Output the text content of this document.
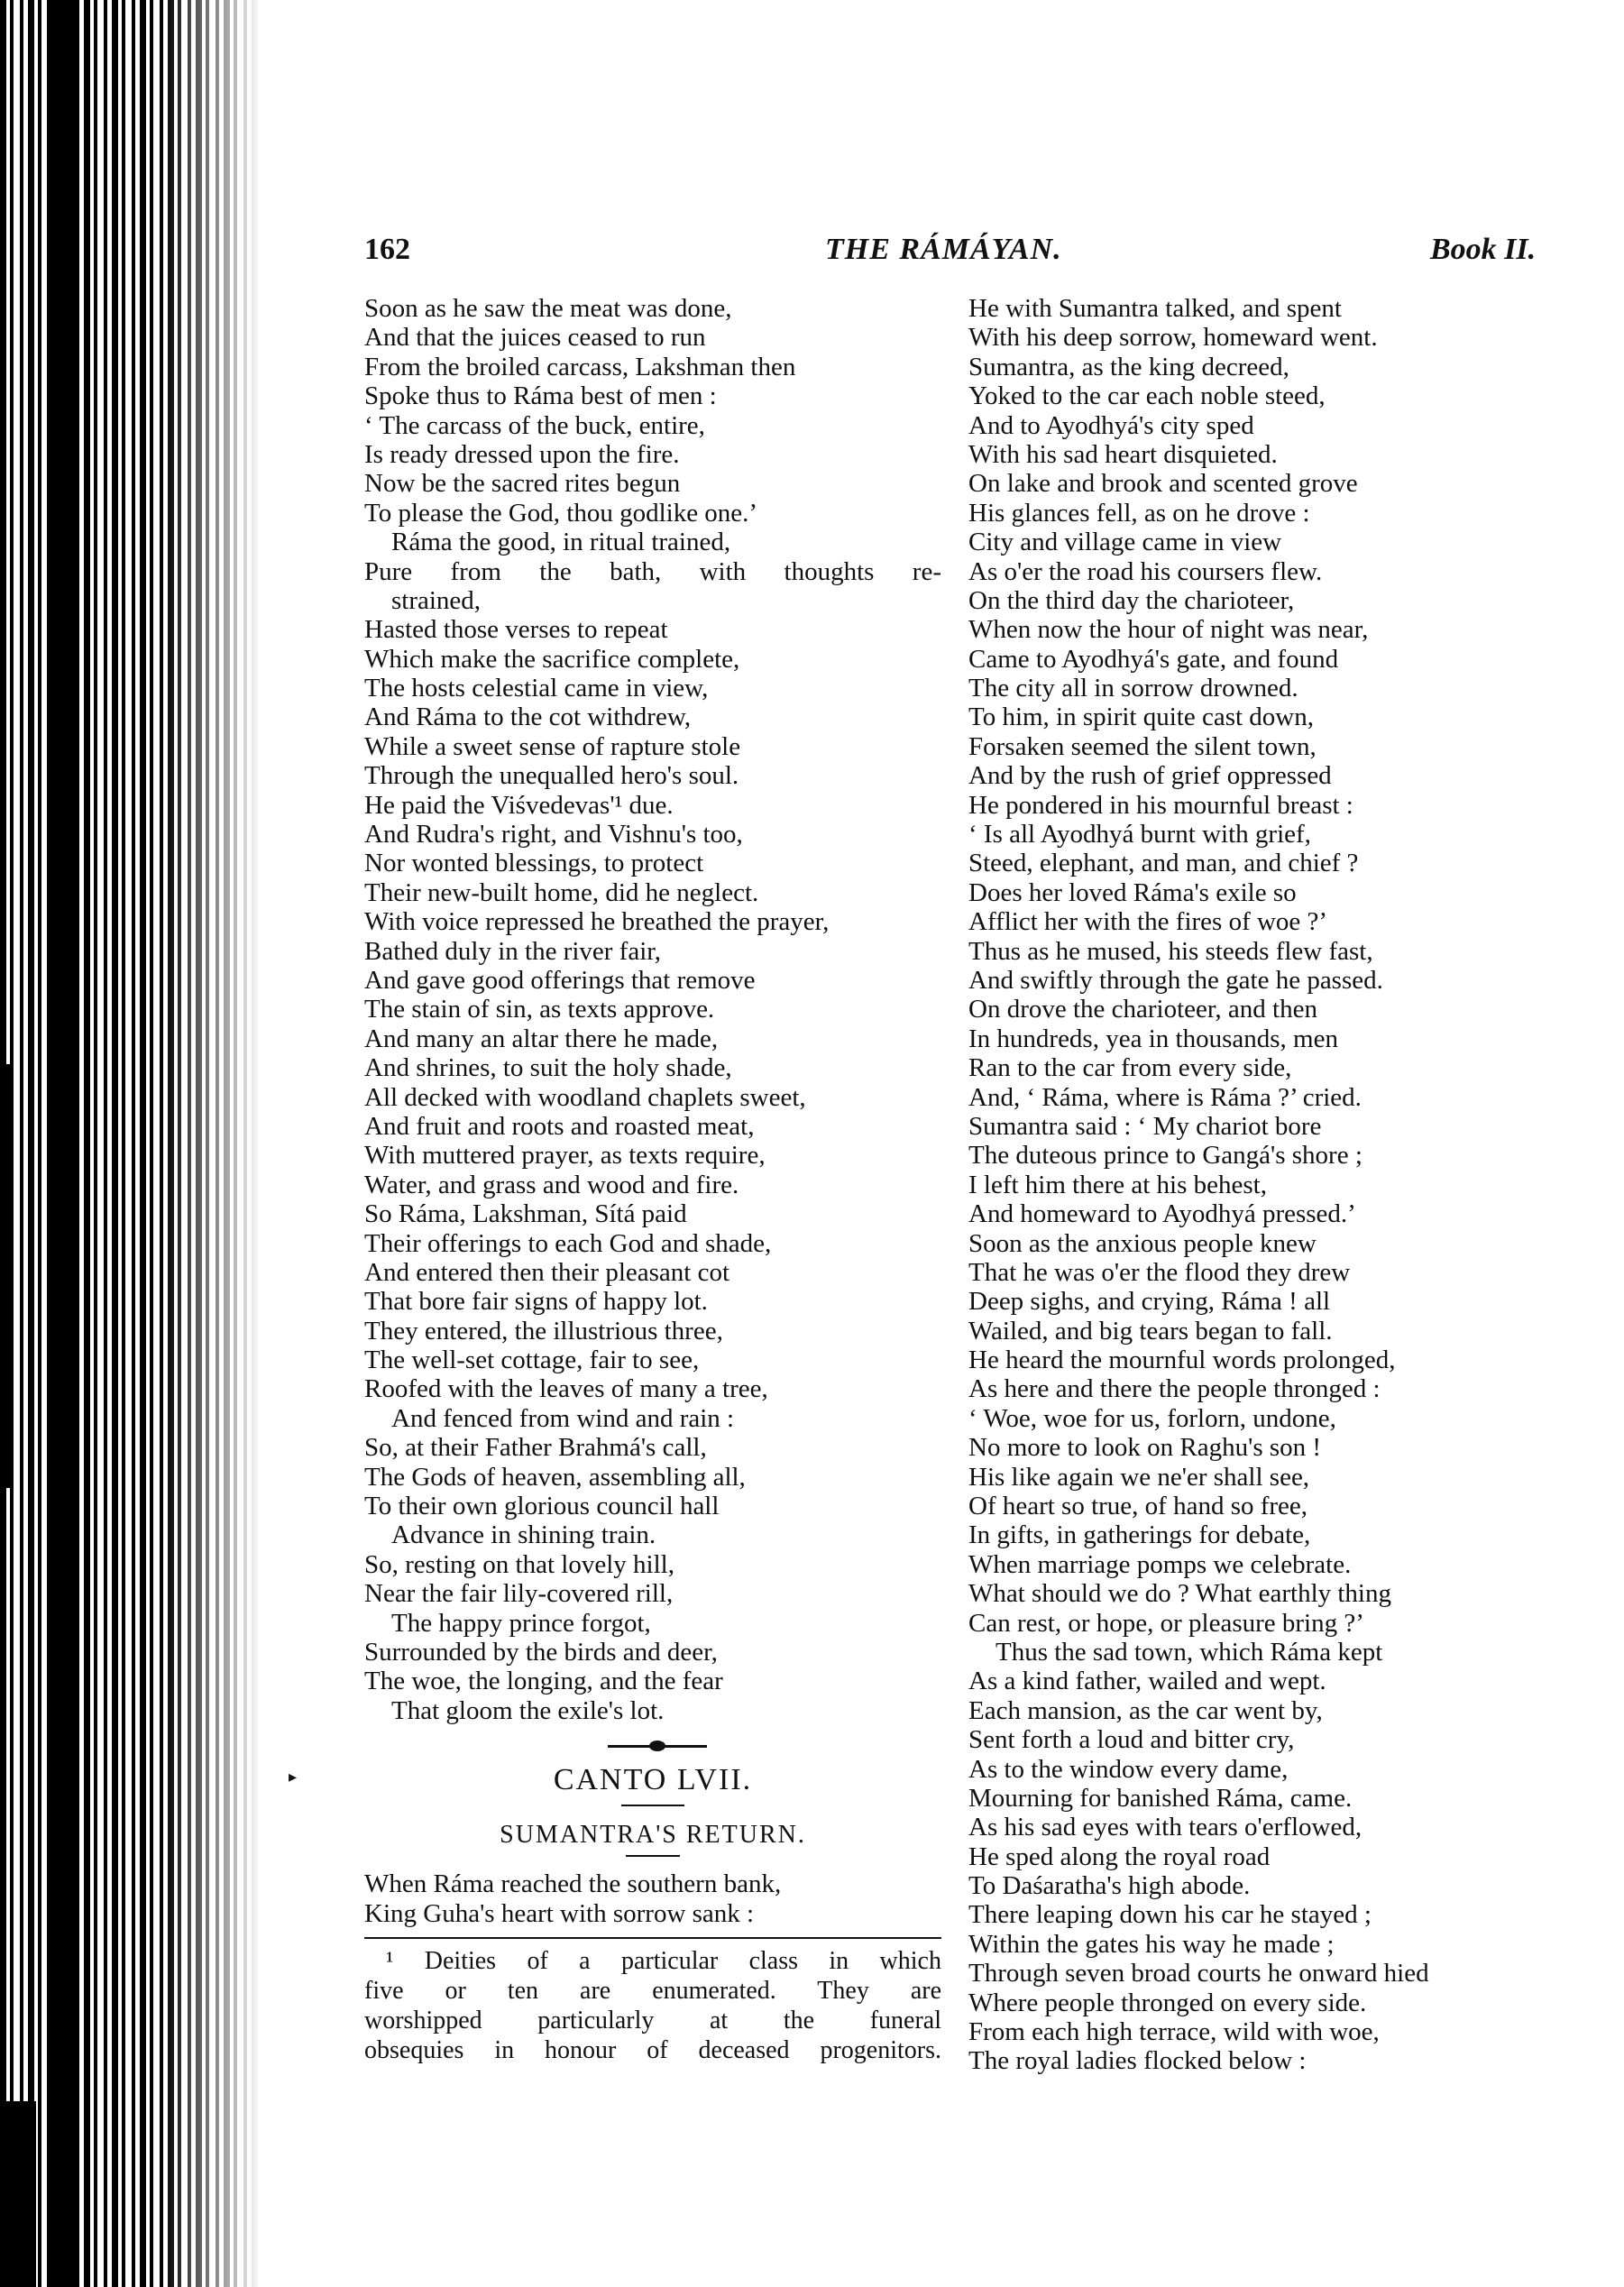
162	THE RÁMÁYAN.	Book II.
Soon as he saw the meat was done,
And that the juices ceased to run
From the broiled carcass, Lakshman then
Spoke thus to Ráma best of men :
‘ The carcass of the buck, entire,
Is ready dressed upon the fire.
Now be the sacred rites begun
To please the God, thou godlike one.’
Ráma the good, in ritual trained,
Pure from the bath, with thoughts re-
strained,
Hasted those verses to repeat
Which make the sacrifice complete,
The hosts celestial came in view,
And Ráma to the cot withdrew,
While a sweet sense of rapture stole
Through the unequalled hero's soul.
He paid the Viśvedevas'¹ due.
And Rudra's right, and Vishnu's too,
Nor wonted blessings, to protect
Their new-built home, did he neglect.
With voice repressed he breathed the prayer,
Bathed duly in the river fair,
And gave good offerings that remove
The stain of sin, as texts approve.
And many an altar there he made,
And shrines, to suit the holy shade,
All decked with woodland chaplets sweet,
And fruit and roots and roasted meat,
With muttered prayer, as texts require,
Water, and grass and wood and fire.
So Ráma, Lakshman, Sítá paid
Their offerings to each God and shade,
And entered then their pleasant cot
That bore fair signs of happy lot.
They entered, the illustrious three,
The well-set cottage, fair to see,
Roofed with the leaves of many a tree,
And fenced from wind and rain :
So, at their Father Brahmá's call,
The Gods of heaven, assembling all,
To their own glorious council hall
Advance in shining train.
So, resting on that lovely hill,
Near the fair lily-covered rill,
The happy prince forgot,
Surrounded by the birds and deer,
The woe, the longing, and the fear
That gloom the exile's lot.
CANTO LVII.
SUMANTRA'S RETURN.
When Ráma reached the southern bank,
King Guha's heart with sorrow sank :
¹ Deities of a particular class in which
five or ten are enumerated. They are
worshipped particularly at the funeral
obsequies in honour of deceased progenitors.
He with Sumantra talked, and spent
With his deep sorrow, homeward went.
Sumantra, as the king decreed,
Yoked to the car each noble steed,
And to Ayodhyá's city sped
With his sad heart disquieted.
On lake and brook and scented grove
His glances fell, as on he drove :
City and village came in view
As o'er the road his coursers flew.
On the third day the charioteer,
When now the hour of night was near,
Came to Ayodhyá's gate, and found
The city all in sorrow drowned.
To him, in spirit quite cast down,
Forsaken seemed the silent town,
And by the rush of grief oppressed
He pondered in his mournful breast :
‘ Is all Ayodhyá burnt with grief,
Steed, elephant, and man, and chief ?
Does her loved Ráma's exile so
Afflict her with the fires of woe ?’
Thus as he mused, his steeds flew fast,
And swiftly through the gate he passed.
On drove the charioteer, and then
In hundreds, yea in thousands, men
Ran to the car from every side,
And, ‘ Ráma, where is Ráma ?’ cried.
Sumantra said : ‘ My chariot bore
The duteous prince to Gangá's shore ;
I left him there at his behest,
And homeward to Ayodhyá pressed.’
Soon as the anxious people knew
That he was o'er the flood they drew
Deep sighs, and crying, Ráma ! all
Wailed, and big tears began to fall.
He heard the mournful words prolonged,
As here and there the people thronged :
‘ Woe, woe for us, forlorn, undone,
No more to look on Raghu's son !
His like again we ne'er shall see,
Of heart so true, of hand so free,
In gifts, in gatherings for debate,
When marriage pomps we celebrate.
What should we do ? What earthly thing
Can rest, or hope, or pleasure bring ?’
Thus the sad town, which Ráma kept
As a kind father, wailed and wept.
Each mansion, as the car went by,
Sent forth a loud and bitter cry,
As to the window every dame,
Mourning for banished Ráma, came.
As his sad eyes with tears o'erflowed,
He sped along the royal road
To Daśaratha's high abode.
There leaping down his car he stayed ;
Within the gates his way he made ;
Through seven broad courts he onward hied
Where people thronged on every side.
From each high terrace, wild with woe,
The royal ladies flocked below :
▸
